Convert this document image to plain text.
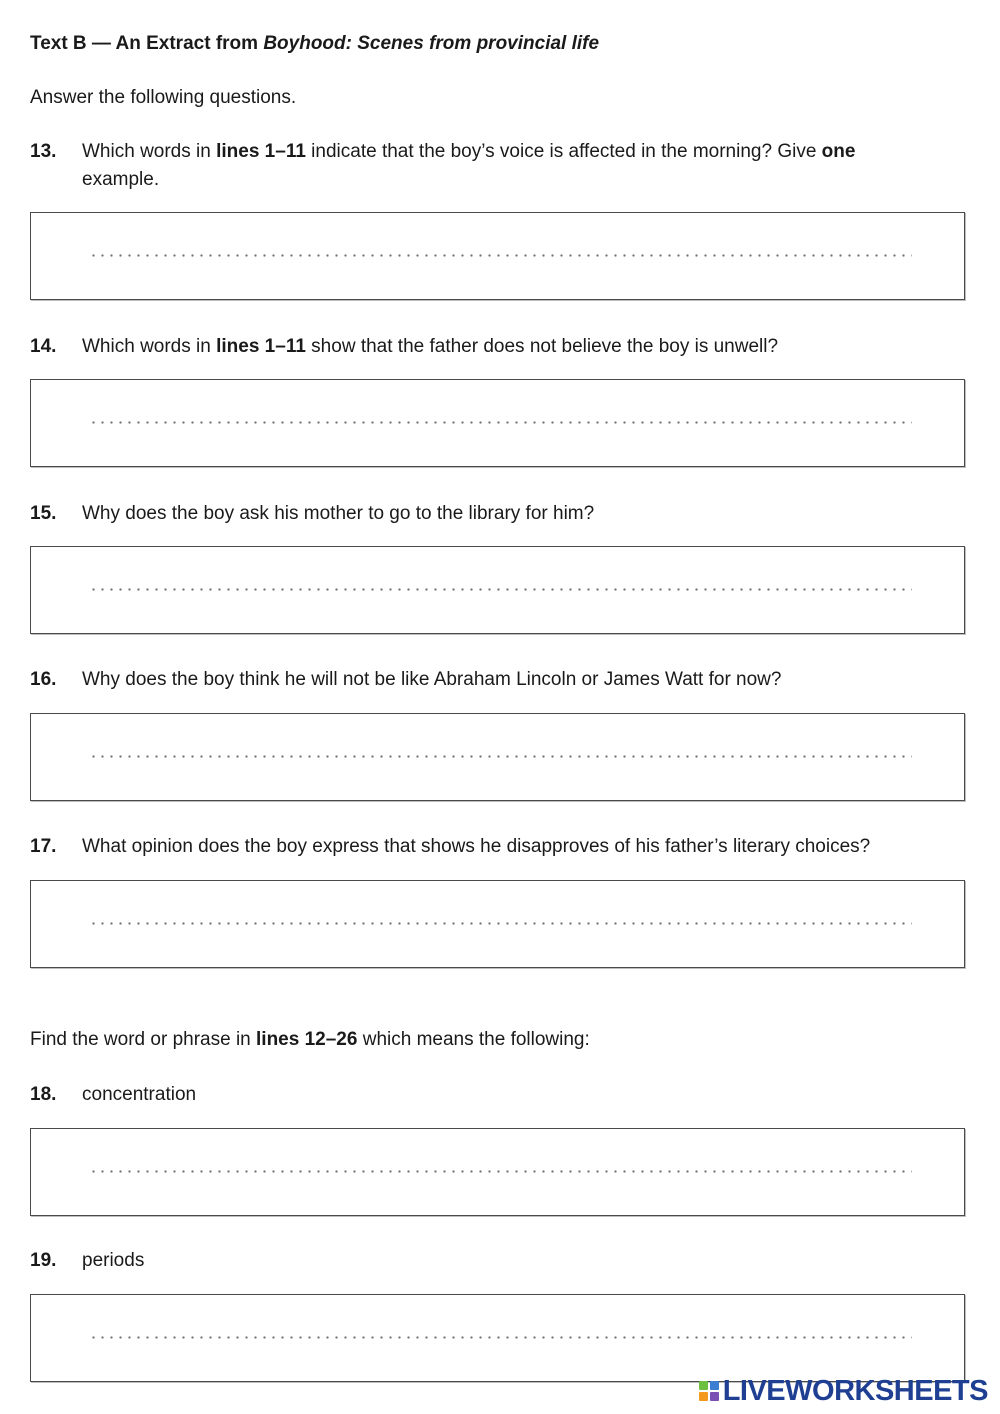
Text B — An Extract from Boyhood: Scenes from provincial life
Answer the following questions.
13.	Which words in lines 1–11 indicate that the boy’s voice is affected in the morning? Give one example.
14.	Which words in lines 1–11 show that the father does not believe the boy is unwell?
15.	Why does the boy ask his mother to go to the library for him?
16.	Why does the boy think he will not be like Abraham Lincoln or James Watt for now?
17.	What opinion does the boy express that shows he disapproves of his father’s literary choices?
Find the word or phrase in lines 12–26 which means the following:
18.	concentration
19.	periods
LIVEWORKSHEETS
